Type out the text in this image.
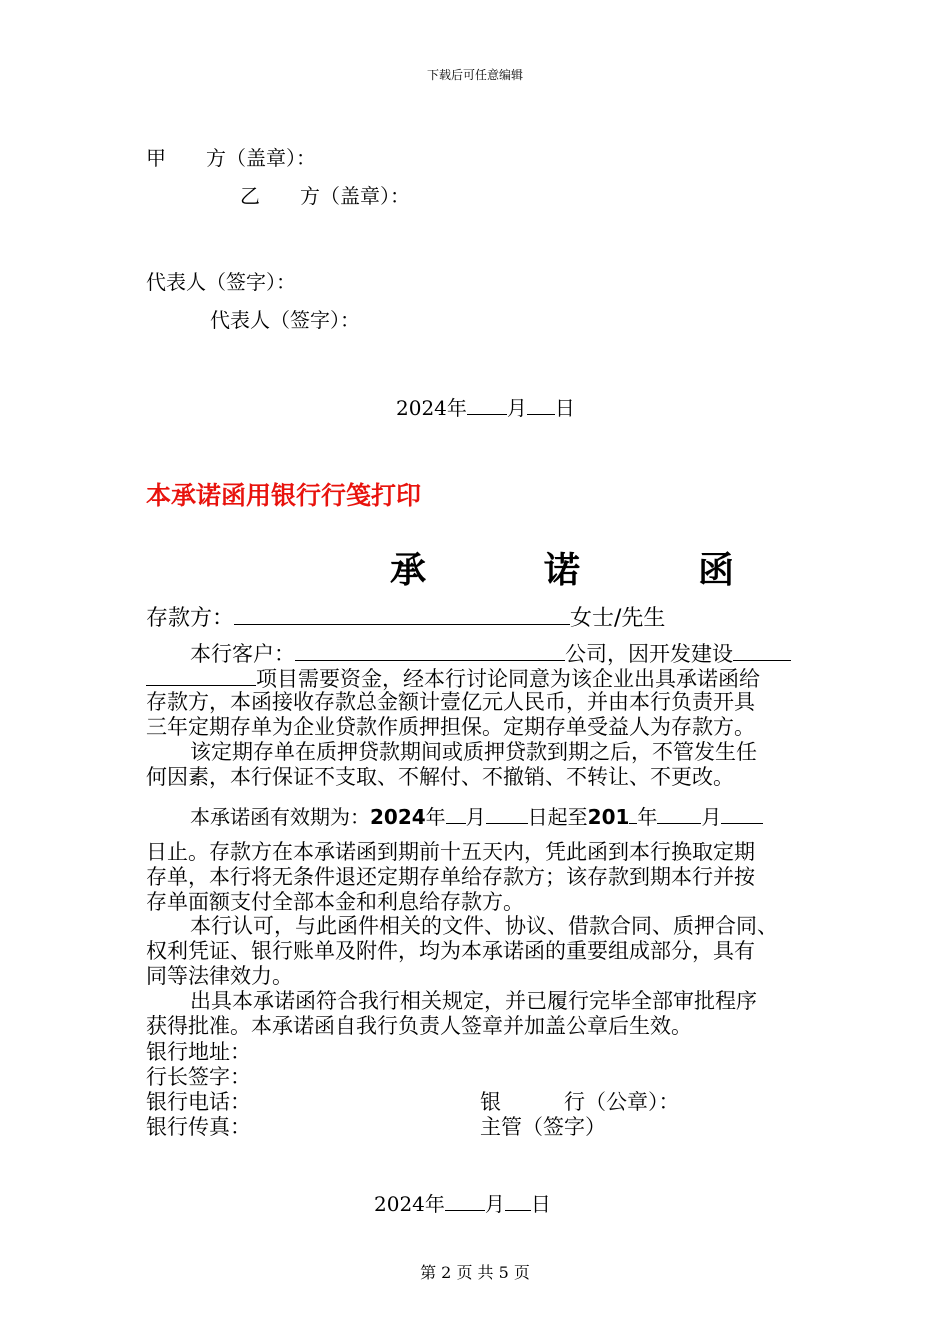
下载后可任意编辑
甲　　方（盖章）：
乙　　方（盖章）：
代表人（签字）：
代表人（签字）：
2024年 月 日
本承诺函用银行行笺打印
承	诺	函
存款方：	女士/先生
本行客户：	公司，因开发建设
项目需要资金，经本行讨论同意为该企业出具承诺函给
存款方，本函接收存款总金额计壹亿元人民币，并由本行负责开具
三年定期存单为企业贷款作质押担保。定期存单受益人为存款方。
该定期存单在质押贷款期间或质押贷款到期之后，不管发生任
何因素，本行保证不支取、不解付、不撤销、不转让、不更改。
本承诺函有效期为：2024年 月 日起至201 年 月
日止。存款方在本承诺函到期前十五天内，凭此函到本行换取定期
存单，本行将无条件退还定期存单给存款方；该存款到期本行并按
存单面额支付全部本金和利息给存款方。
本行认可，与此函件相关的文件、协议、借款合同、质押合同、
权利凭证、银行账单及附件，均为本承诺函的重要组成部分，具有
同等法律效力。
出具本承诺函符合我行相关规定，并已履行完毕全部审批程序
获得批准。本承诺函自我行负责人签章并加盖公章后生效。
银行地址：
行长签字：
银行电话：	银　　　行（公章）：
银行传真：	主管（签字）
2024年 月 日
第 2 页 共 5 页
